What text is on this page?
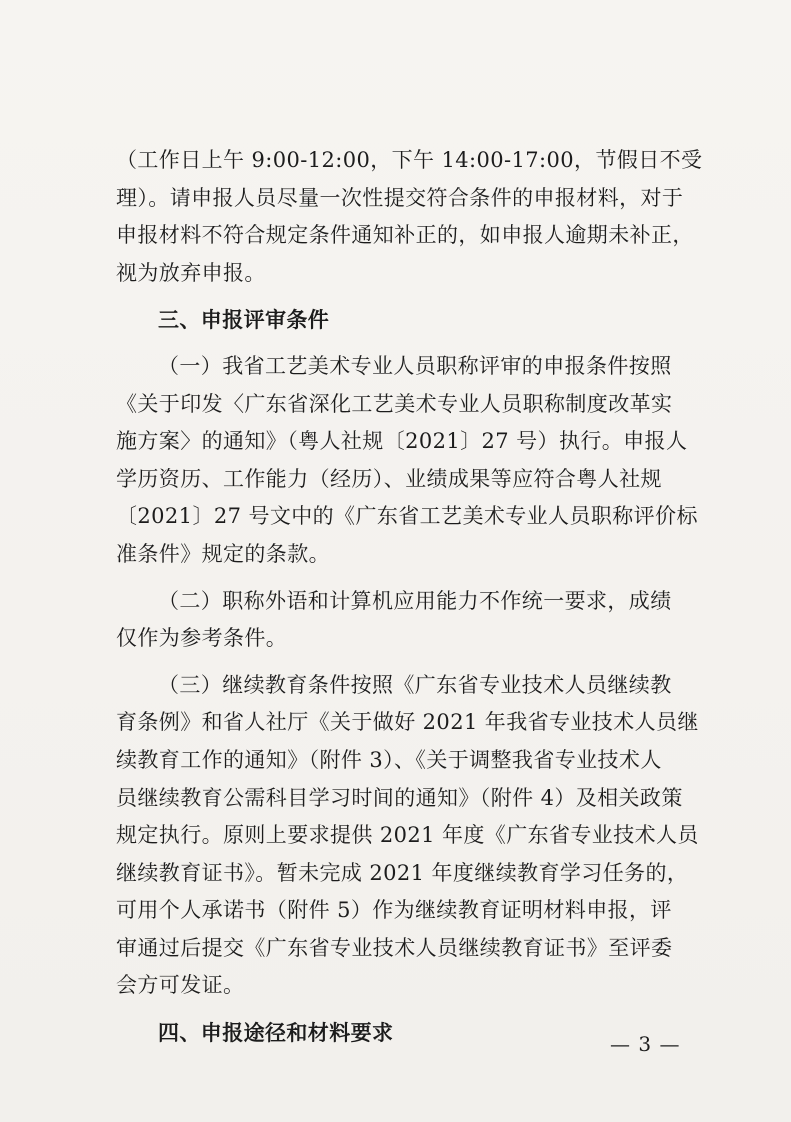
（工作日上午 9:00-12:00，下午 14:00-17:00，节假日不受
理）。请申报人员尽量一次性提交符合条件的申报材料，对于
申报材料不符合规定条件通知补正的，如申报人逾期未补正，
视为放弃申报。
三、申报评审条件
（一）我省工艺美术专业人员职称评审的申报条件按照
《关于印发〈广东省深化工艺美术专业人员职称制度改革实
施方案〉的通知》（粤人社规〔2021〕27 号）执行。申报人
学历资历、工作能力（经历）、业绩成果等应符合粤人社规
〔2021〕27 号文中的《广东省工艺美术专业人员职称评价标
准条件》规定的条款。
（二）职称外语和计算机应用能力不作统一要求，成绩
仅作为参考条件。
（三）继续教育条件按照《广东省专业技术人员继续教
育条例》和省人社厅《关于做好 2021 年我省专业技术人员继
续教育工作的通知》（附件 3）、《关于调整我省专业技术人
员继续教育公需科目学习时间的通知》（附件 4）及相关政策
规定执行。原则上要求提供 2021 年度《广东省专业技术人员
继续教育证书》。暂未完成 2021 年度继续教育学习任务的，
可用个人承诺书（附件 5）作为继续教育证明材料申报，评
审通过后提交《广东省专业技术人员继续教育证书》至评委
会方可发证。
四、申报途径和材料要求	— 3 —
